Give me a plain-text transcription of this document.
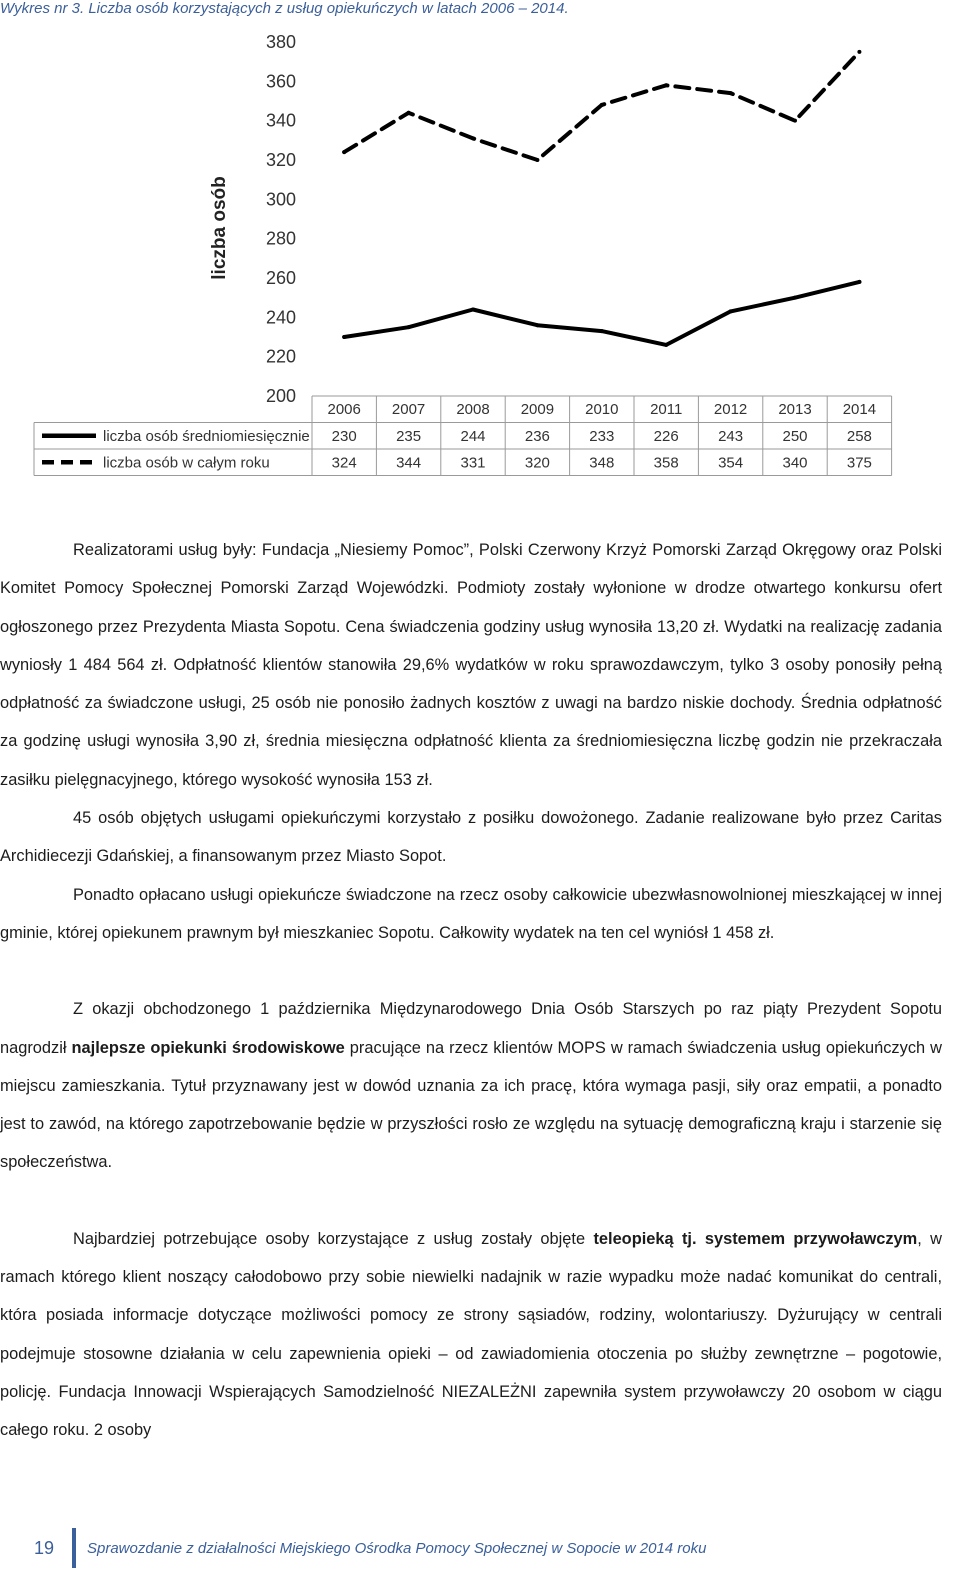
Wykres nr 3. Liczba osób korzystających z usług opiekuńczych w latach 2006 – 2014.
380
360
340
320
300
280
260
240
220
200
liczba osób
2006 2007 2008 2009 2010 2011 2012 2013 2014
liczba osób średniomiesięcznie 230	235	244	236	233	226	243	250	258
liczba osób w całym roku	324	344	331	320	348	358	354	340	375

Realizatorami usług były: Fundacja „Niesiemy Pomoc”, Polski Czerwony Krzyż Pomorski Zarząd Okręgowy oraz Polski Komitet Pomocy Społecznej Pomorski Zarząd Wojewódzki. Podmioty zostały wyłonione w drodze otwartego konkursu ofert ogłoszonego przez Prezydenta Miasta Sopotu. Cena świadczenia godziny usług wynosiła 13,20 zł. Wydatki na realizację zadania wyniosły 1 484 564 zł. Odpłatność klientów stanowiła 29,6% wydatków w roku sprawozdawczym, tylko 3 osoby ponosiły pełną odpłatność za świadczone usługi, 25 osób nie ponosiło żadnych kosztów z uwagi na bardzo niskie dochody. Średnia odpłatność za godzinę usługi wynosiła 3,90 zł, średnia miesięczna odpłatność klienta za średniomiesięczna liczbę godzin nie przekraczała zasiłku pielęgnacyjnego, którego wysokość wynosiła 153 zł.

45 osób objętych usługami opiekuńczymi korzystało z posiłku dowożonego. Zadanie realizowane było przez Caritas Archidiecezji Gdańskiej, a finansowanym przez Miasto Sopot.

Ponadto opłacano usługi opiekuńcze świadczone na rzecz osoby całkowicie ubezwłasnowolnionej mieszkającej w innej gminie, której opiekunem prawnym był mieszkaniec Sopotu. Całkowity wydatek na ten cel wyniósł 1 458 zł.

Z okazji obchodzonego 1 października Międzynarodowego Dnia Osób Starszych po raz piąty Prezydent Sopotu nagrodził najlepsze opiekunki środowiskowe pracujące na rzecz klientów MOPS w ramach świadczenia usług opiekuńczych w miejscu zamieszkania. Tytuł przyznawany jest w dowód uznania za ich pracę, która wymaga pasji, siły oraz empatii, a ponadto jest to zawód, na którego zapotrzebowanie będzie w przyszłości rosło ze względu na sytuację demograficzną kraju i starzenie się społeczeństwa.

Najbardziej potrzebujące osoby korzystające z usług zostały objęte teleopieką tj. systemem przywoławczym, w ramach którego klient noszący całodobowo przy sobie niewielki nadajnik w razie wypadku może nadać komunikat do centrali, która posiada informacje dotyczące możliwości pomocy ze strony sąsiadów, rodziny, wolontariuszy. Dyżurujący w centrali podejmuje stosowne działania w celu zapewnienia opieki – od zawiadomienia otoczenia po służby zewnętrzne – pogotowie, policję. Fundacja Innowacji Wspierających Samodzielność NIEZALEŻNI zapewniła system przywoławczy 20 osobom w ciągu całego roku. 2 osoby

19 Sprawozdanie z działalności Miejskiego Ośrodka Pomocy Społecznej w Sopocie w 2014 roku
